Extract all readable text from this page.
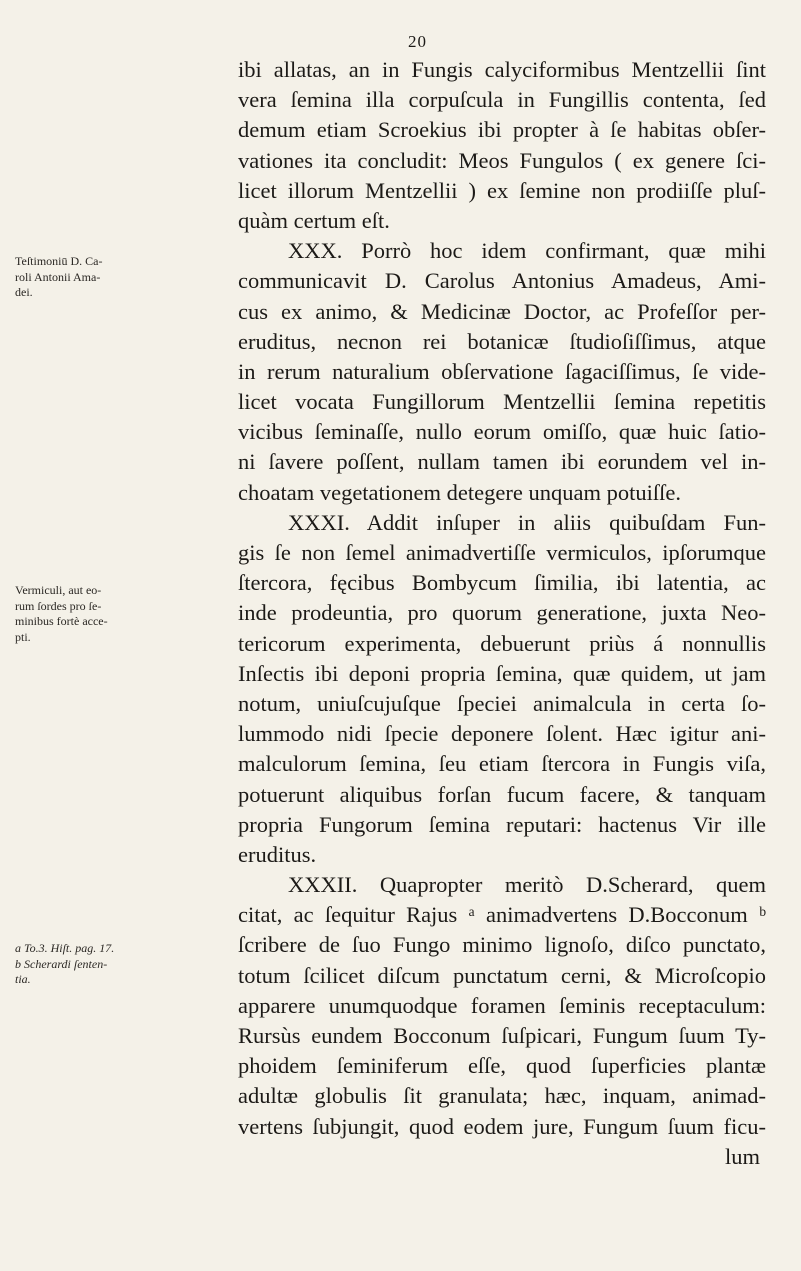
20
ibi allatas, an in Fungis calyciformibus Mentzellii ſint
vera ſemina illa corpuſcula in Fungillis contenta, ſed
demum etiam Scroekius ibi propter à ſe habitas obſer-
vationes ita concludit: Meos Fungulos ( ex genere ſci-
licet illorum Mentzellii ) ex ſemine non prodiiſſe pluſ-
quàm certum eſt.
XXX. Porrò hoc idem confirmant, quæ mihi
communicavit D. Carolus Antonius Amadeus, Ami-
cus ex animo, & Medicinæ Doctor, ac Profeſſor per-
eruditus, necnon rei botanicæ ſtudioſiſſimus, atque
in rerum naturalium obſervatione ſagaciſſimus, ſe vide-
licet vocata Fungillorum Mentzellii ſemina repetitis
vicibus ſeminaſſe, nullo eorum omiſſo, quæ huic ſatio-
ni ſavere poſſent, nullam tamen ibi eorundem vel in-
choatam vegetationem detegere unquam potuiſſe.
XXXI. Addit inſuper in aliis quibuſdam Fun-
gis ſe non ſemel animadvertiſſe vermiculos, ipſorumque
ſtercora, fęcibus Bombycum ſimilia, ibi latentia, ac
inde prodeuntia, pro quorum generatione, juxta Neo-
tericorum experimenta, debuerunt priùs á nonnullis
Inſectis ibi deponi propria ſemina, quæ quidem, ut jam
notum, uniuſcujuſque ſpeciei animalcula in certa ſo-
lummodo nidi ſpecie deponere ſolent. Hæc igitur ani-
malculorum ſemina, ſeu etiam ſtercora in Fungis viſa,
potuerunt aliquibus forſan fucum facere, & tanquam
propria Fungorum ſemina reputari: hactenus Vir ille
eruditus.
XXXII. Quapropter meritò D.Scherard, quem
citat, ac ſequitur Rajus ᵃ animadvertens D.Bocconum ᵇ
ſcribere de ſuo Fungo minimo lignoſo, diſco punctato,
totum ſcilicet diſcum punctatum cerni, & Microſcopio
apparere unumquodque foramen ſeminis receptaculum:
Rursùs eundem Bocconum ſuſpicari, Fungum ſuum Ty-
phoidem ſeminiferum eſſe, quod ſuperficies plantæ
adultæ globulis ſit granulata; hæc, inquam, animad-
vertens ſubjungit, quod eodem jure, Fungum ſuum ficu-
lum
Teſtimoniū D. Ca-
roli Antonii Ama-
dei.
Vermiculi, aut eo-
rum ſordes pro ſe-
minibus fortè acce-
pti.
a To.3. Hiſt. pag. 17.
b Scherardi ſenten-
tia.
